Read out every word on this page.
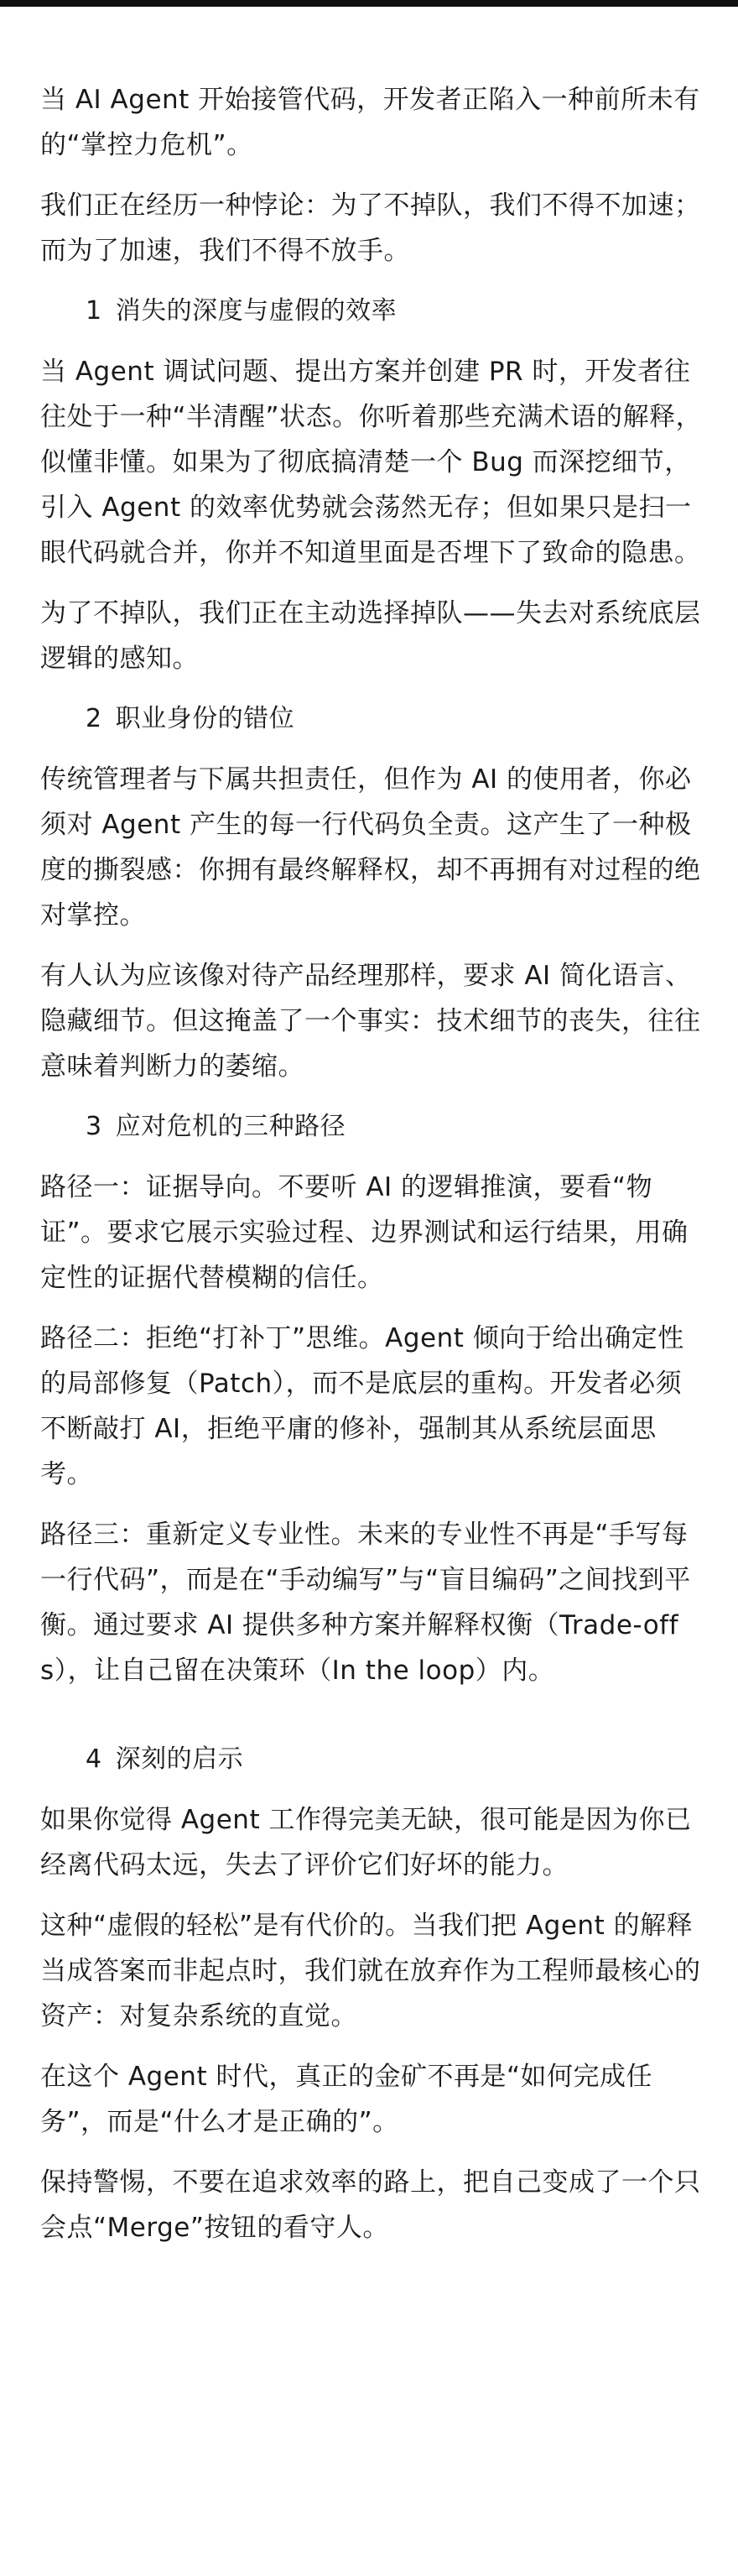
当 AI Agent 开始接管代码，开发者正陷入一种前所未有的“掌控力危机”。

我们正在经历一种悖论：为了不掉队，我们不得不加速；而为了加速，我们不得不放手。

1 消失的深度与虚假的效率

当 Agent 调试问题、提出方案并创建 PR 时，开发者往往处于一种“半清醒”状态。你听着那些充满术语的解释，似懂非懂。如果为了彻底搞清楚一个 Bug 而深挖细节，引入 Agent 的效率优势就会荡然无存；但如果只是扫一眼代码就合并，你并不知道里面是否埋下了致命的隐患。

为了不掉队，我们正在主动选择掉队——失去对系统底层逻辑的感知。

2 职业身份的错位

传统管理者与下属共担责任，但作为 AI 的使用者，你必须对 Agent 产生的每一行代码负全责。这产生了一种极度的撕裂感：你拥有最终解释权，却不再拥有对过程的绝对掌控。

有人认为应该像对待产品经理那样，要求 AI 简化语言、隐藏细节。但这掩盖了一个事实：技术细节的丧失，往往意味着判断力的萎缩。

3 应对危机的三种路径

路径一：证据导向。不要听 AI 的逻辑推演，要看“物证”。要求它展示实验过程、边界测试和运行结果，用确定性的证据代替模糊的信任。

路径二：拒绝“打补丁”思维。Agent 倾向于给出确定性的局部修复（Patch），而不是底层的重构。开发者必须不断敲打 AI，拒绝平庸的修补，强制其从系统层面思考。

路径三：重新定义专业性。未来的专业性不再是“手写每一行代码”，而是在“手动编写”与“盲目编码”之间找到平衡。通过要求 AI 提供多种方案并解释权衡（Trade-offs），让自己留在决策环（In the loop）内。

4 深刻的启示

如果你觉得 Agent 工作得完美无缺，很可能是因为你已经离代码太远，失去了评价它们好坏的能力。

这种“虚假的轻松”是有代价的。当我们把 Agent 的解释当成答案而非起点时，我们就在放弃作为工程师最核心的资产：对复杂系统的直觉。

在这个 Agent 时代，真正的金矿不再是“如何完成任务”，而是“什么才是正确的”。

保持警惕，不要在追求效率的路上，把自己变成了一个只会点“Merge”按钮的看守人。
